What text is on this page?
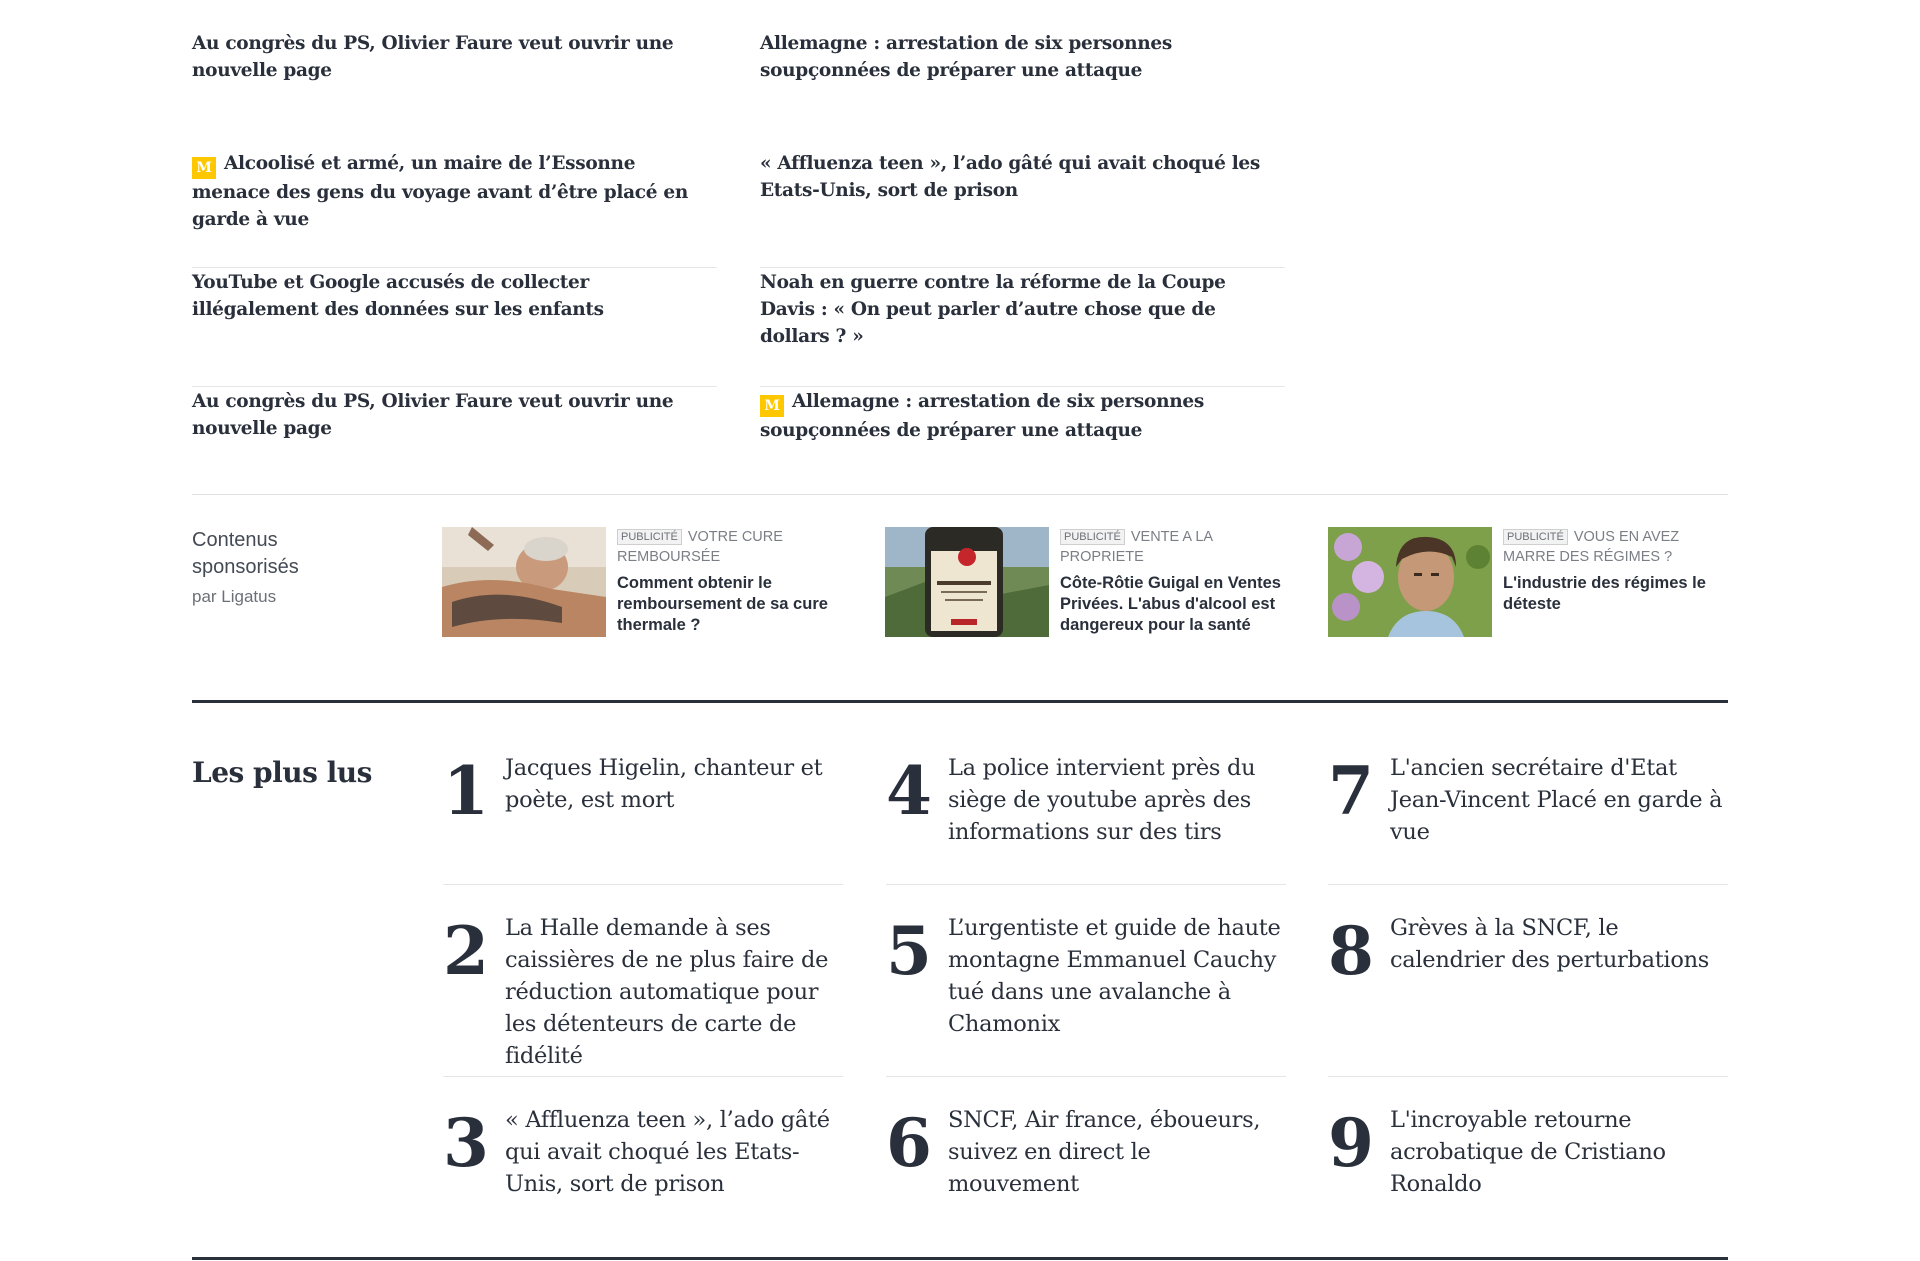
Au congrès du PS, Olivier Faure veut ouvrir une nouvelle page
Allemagne : arrestation de six personnes soupçonnées de préparer une attaque
M Alcoolisé et armé, un maire de l’Essonne menace des gens du voyage avant d’être placé en garde à vue
« Affluenza teen », l’ado gâté qui avait choqué les Etats-Unis, sort de prison
YouTube et Google accusés de collecter illégalement des données sur les enfants
Noah en guerre contre la réforme de la Coupe Davis : « On peut parler d’autre chose que de dollars ? »
Au congrès du PS, Olivier Faure veut ouvrir une nouvelle page
M Allemagne : arrestation de six personnes soupçonnées de préparer une attaque
Contenus sponsorisés
par Ligatus
PUBLICITÉ VOTRE CURE REMBOURSÉE
Comment obtenir le remboursement de sa cure thermale ?
PUBLICITÉ VENTE A LA PROPRIETE
Côte-Rôtie Guigal en Ventes Privées. L'abus d'alcool est dangereux pour la santé
PUBLICITÉ VOUS EN AVEZ MARRE DES RÉGIMES ?
L'industrie des régimes le déteste
Les plus lus 1 Jacques Higelin, chanteur et poète, est mort
2 La Halle demande à ses caissières de ne plus faire de réduction automatique pour les détenteurs de carte de fidélité
3 « Affluenza teen », l’ado gâté qui avait choqué les Etats-Unis, sort de prison
4 La police intervient près du siège de youtube après des informations sur des tirs
5 L’urgentiste et guide de haute montagne Emmanuel Cauchy tué dans une avalanche à Chamonix
6 SNCF, Air france, éboueurs, suivez en direct le mouvement
7 L'ancien secrétaire d'Etat Jean-Vincent Placé en garde à vue
8 Grèves à la SNCF, le calendrier des perturbations
9 L'incroyable retourne acrobatique de Cristiano Ronaldo
